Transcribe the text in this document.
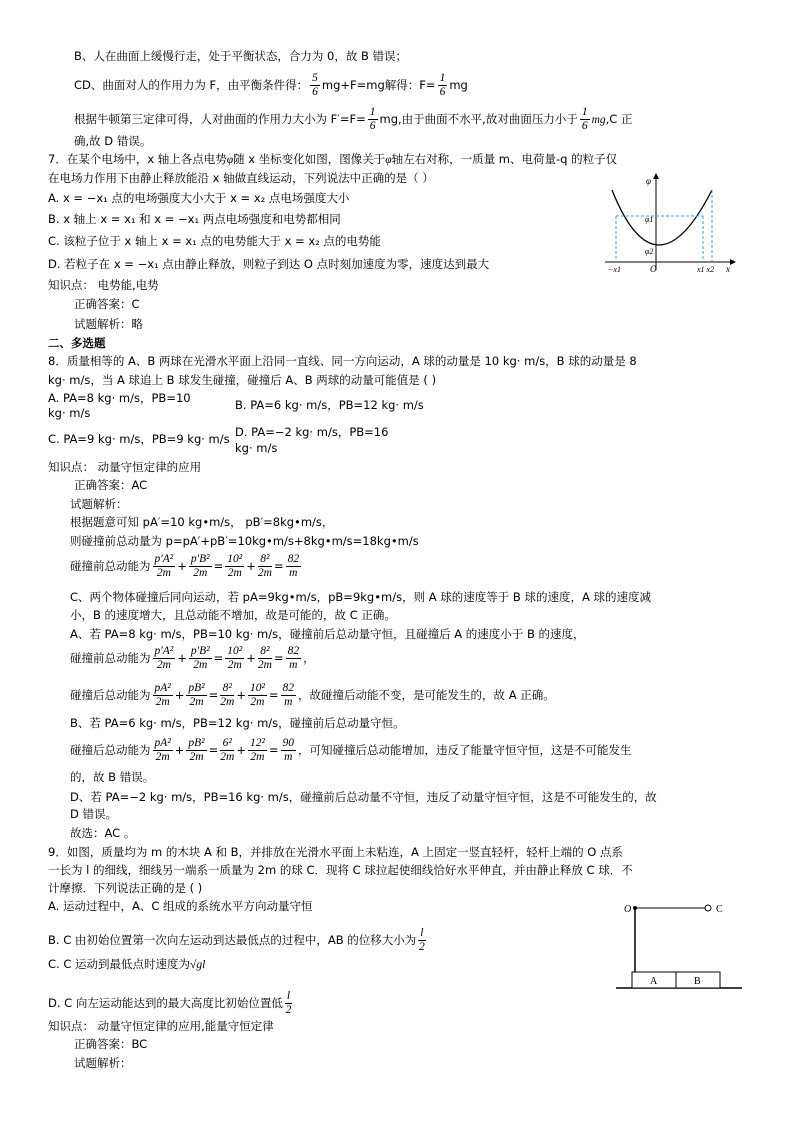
B、人在曲面上缓慢行走，处于平衡状态，合力为 0，故 B 错误；
CD、曲面对人的作用力为 F，由平衡条件得： $\frac{5}{6} mg+F=mg$解得：$F= \frac{1}{6}$ mg
根据牛顿第三定律可得，人对曲面的作用力大小为 $F'=F= \frac{1}{6}$ mg,由于曲面不水平,故对曲面压力小于 $\frac{1}{6} mg,C$ 正
确,故 D 错误。
7．在某个电场中，x 轴上各点电势φ随 x 坐标变化如图，图像关于φ轴左右对称，一质量 m、电荷量-q 的粒子仅
在电场力作用下由静止释放能沿 x 轴做直线运动，下列说法中正确的是（ ）
A. x = −x₁ 点的电场强度大小大于 x = x₂ 点电场强度大小
B. x 轴上 x = x₁ 和 x = −x₁ 两点电场强度和电势都相同
C. 该粒子位于 x 轴上 x = x₁ 点的电势能大于 x = x₂ 点的电势能
D. 若粒子在 x = −x₁ 点由静止释放，则粒子到达 O 点时刻加速度为零，速度达到最大
知识点： 电势能,电势
正确答案：C
试题解析：略
φ
φ1
φ2
−x1	O	x1 x2 x
二、多选题
8．质量相等的 A、B 两球在光滑水平面上沿同一直线、同一方向运动，A 球的动量是 10 kg· m/s，B 球的动量是 8
kg· m/s，当 A 球追上 B 球发生碰撞，碰撞后 A、B 两球的动量可能值是 ( )
A. PA=8 kg· m/s，PB=10
kg· m/s
B. PA=6 kg· m/s，PB=12 kg· m/s
C. PA=9 kg· m/s，PB=9 kg· m/s D. PA=−2 kg· m/s，PB=16
kg· m/s
知识点： 动量守恒定律的应用
正确答案：AC
试题解析：
根据题意可知 pA′=10 kg•m/s， pB′=8kg•m/s，
则碰撞前总动量为 p=pA′+pB′=10kg•m/s+8kg•m/s=18kg•m/s
碰撞前总动能为 $\frac{\text{p′A²}}{2m} + \frac{\text{p′B²}}{2m} = \frac{\text{10²}}{2m} + \frac{\text{8²}}{2m} = \frac{82}{m}$
C、两个物体碰撞后同向运动，若 pA=9kg•m/s，pB=9kg•m/s，则 A 球的速度等于 B 球的速度，A 球的速度减
小，B 的速度增大，且总动能不增加，故是可能的，故 C 正确。
A、若 PA=8 kg· m/s，PB=10 kg· m/s，碰撞前后总动量守恒，且碰撞后 A 的速度小于 B 的速度，
碰撞前总动能为 $\frac{\text{p′A²}}{2m} + \frac{\text{p′B²}}{2m} = \frac{\text{10²}}{2m} + \frac{\text{8²}}{2m} = \frac{82}{m}$ ，
碰撞后总动能为 $\frac{\text{pA²}}{2m} + \frac{\text{pB²}}{2m} = \frac{\text{8²}}{2m} + \frac{\text{10²}}{2m} = \frac{82}{m}$ ，故碰撞后动能不变，是可能发生的，故 A 正确。
B、若 PA=6 kg· m/s，PB=12 kg· m/s，碰撞前后总动量守恒。
碰撞后总动能为 $\frac{\text{pA²}}{2m} + \frac{\text{pB²}}{2m} = \frac{\text{6²}}{2m} + \frac{\text{12²}}{2m} = \frac{90}{m}$ ，可知碰撞后总动能增加，违反了能量守恒守恒，这是不可能发生
的，故 B 错误。
D、若 PA=−2 kg· m/s，PB=16 kg· m/s，碰撞前后总动量不守恒，违反了动量守恒守恒，这是不可能发生的，故
D 错误。
故选：AC 。
9．如图，质量均为 m 的木块 A 和 B，并排放在光滑水平面上未粘连，A 上固定一竖直轻杆，轻杆上端的 O 点系
一长为 l 的细线，细线另一端系一质量为 2m 的球 C．现将 C 球拉起使细线恰好水平伸直，并由静止释放 C 球．不
计摩擦．下列说法正确的是 ( )
A. 运动过程中，A、C 组成的系统水平方向动量守恒
B. C 由初始位置第一次向左运动到达最低点的过程中，AB 的位移大小为 $\frac{l}{2}$
C. C 运动到最低点时速度为√gl
D. C 向左运动能达到的最大高度比初始位置低 $\frac{l}{2}$
知识点： 动量守恒定律的应用,能量守恒定律
正确答案：BC
试题解析：
O	C
A	B
